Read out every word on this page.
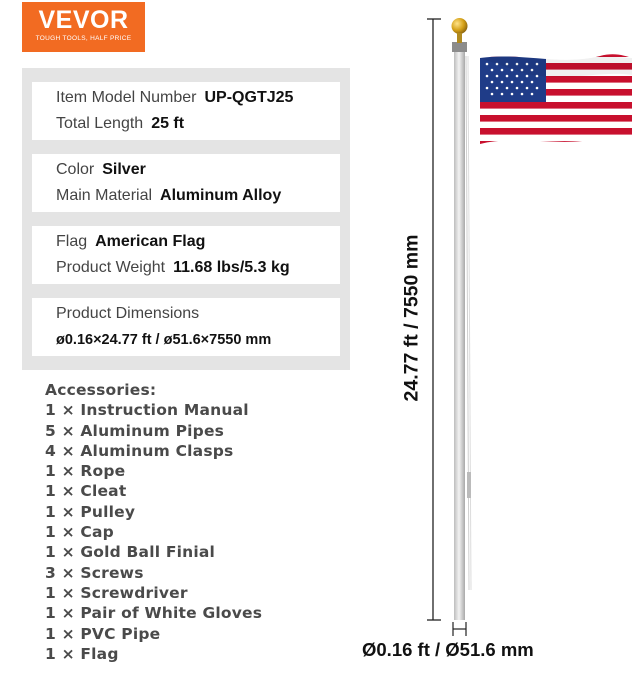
VEVOR
TOUGH TOOLS, HALF PRICE
Item Model Number UP-QGTJ25
Total Length 25 ft
Color Silver
Main Material Aluminum Alloy
Flag American Flag
Product Weight 11.68 lbs/5.3 kg
Product Dimensions
ø0.16×24.77 ft / ø51.6×7550 mm
Accessories:
1 × Instruction Manual
5 × Aluminum Pipes
4 × Aluminum Clasps
1 × Rope
1 × Cleat
1 × Pulley
1 × Cap
1 × Gold Ball Finial
3 × Screws
1 × Screwdriver
1 × Pair of White Gloves
1 × PVC Pipe
1 × Flag
24.77 ft / 7550 mm
Ø0.16 ft / Ø51.6 mm
